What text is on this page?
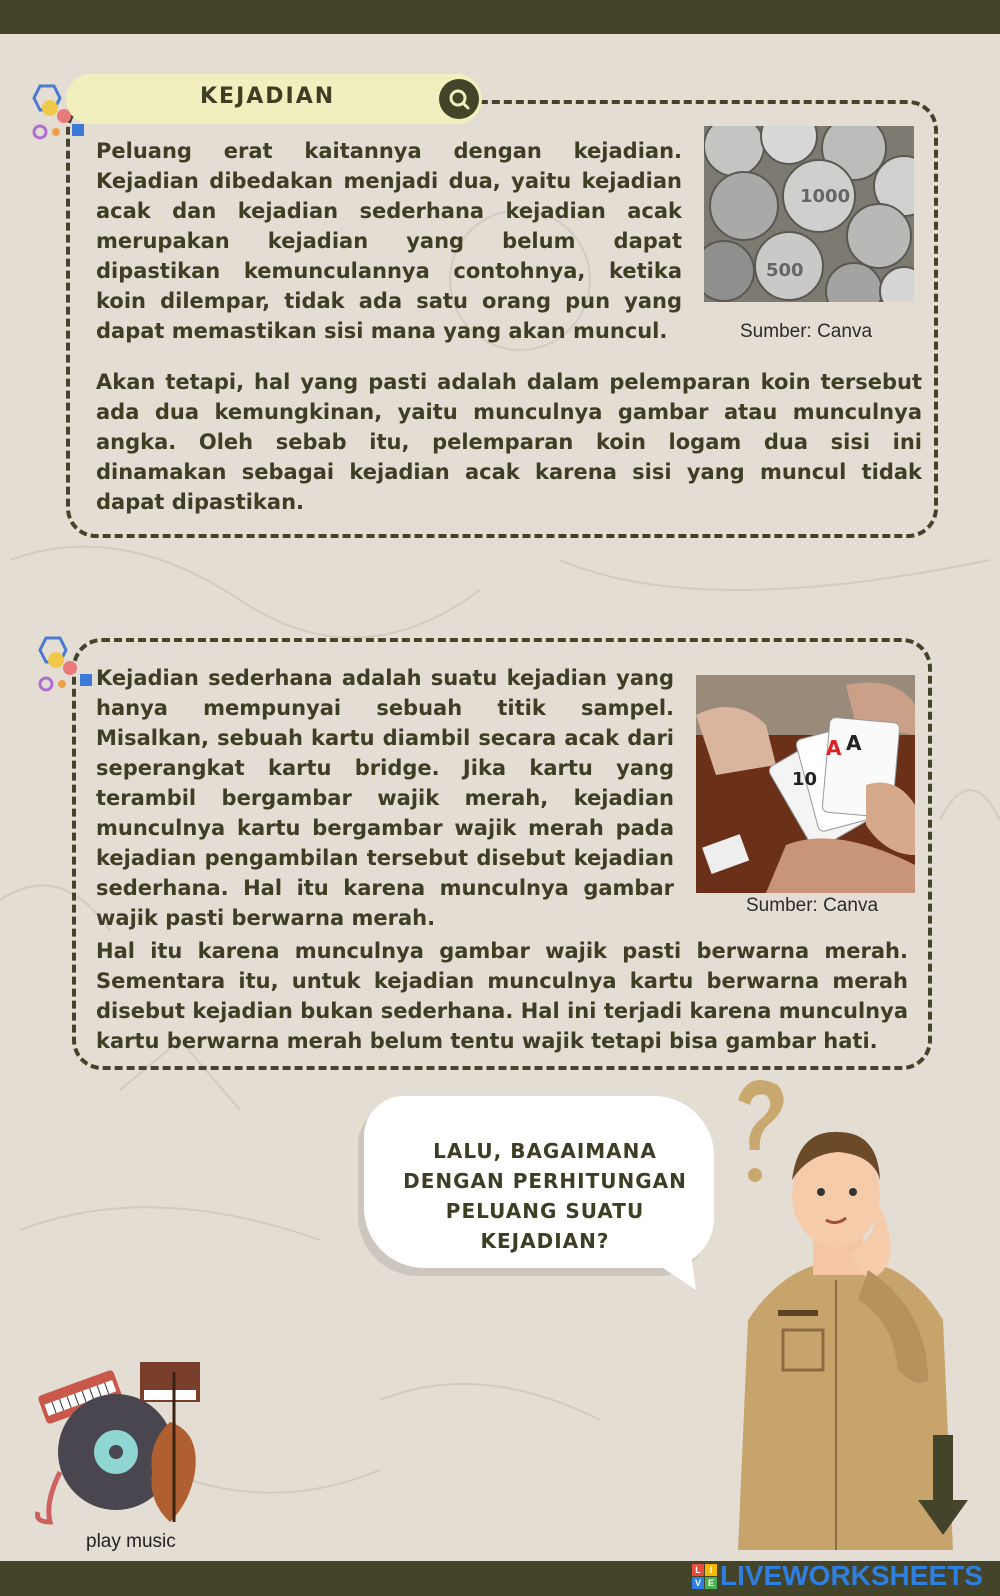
KEJADIAN

Peluang erat kaitannya dengan kejadian. Kejadian dibedakan menjadi dua, yaitu kejadian acak dan kejadian sederhana kejadian acak merupakan kejadian yang belum dapat dipastikan kemunculannya contohnya, ketika koin dilempar, tidak ada satu orang pun yang dapat memastikan sisi mana yang akan muncul.

1000
500
Sumber: Canva

Akan tetapi, hal yang pasti adalah dalam pelemparan koin tersebut ada dua kemungkinan, yaitu munculnya gambar atau munculnya angka. Oleh sebab itu, pelemparan koin logam dua sisi ini dinamakan sebagai kejadian acak karena sisi yang muncul tidak dapat dipastikan.

Kejadian sederhana adalah suatu kejadian yang hanya mempunyai sebuah titik sampel. Misalkan, sebuah kartu diambil secara acak dari seperangkat kartu bridge. Jika kartu yang terambil bergambar wajik merah, kejadian munculnya kartu bergambar wajik merah pada kejadian pengambilan tersebut disebut kejadian sederhana. Hal itu karena munculnya gambar wajik pasti berwarna merah.

A A
10
Sumber: Canva

Hal itu karena munculnya gambar wajik pasti berwarna merah. Sementara itu, untuk kejadian munculnya kartu berwarna merah disebut kejadian bukan sederhana. Hal ini terjadi karena munculnya kartu berwarna merah belum tentu wajik tetapi bisa gambar hati.

LALU, BAGAIMANA DENGAN PERHITUNGAN PELUANG SUATU KEJADIAN?

play music
L I
V E LIVEWORKSHEETS
